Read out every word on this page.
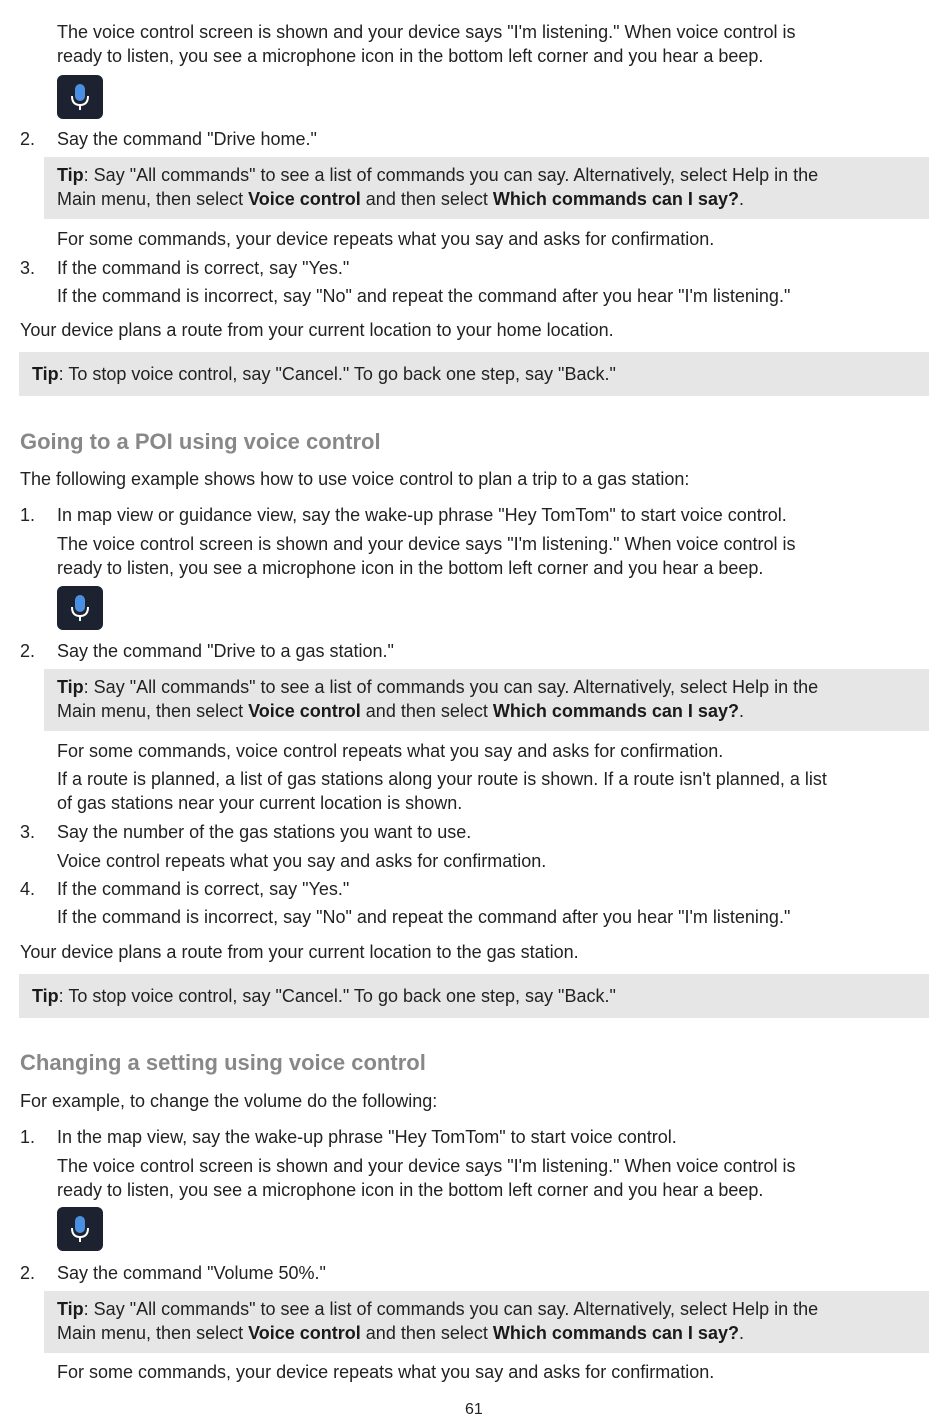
The voice control screen is shown and your device says "I'm listening." When voice control is
ready to listen, you see a microphone icon in the bottom left corner and you hear a beep.
2. Say the command "Drive home."
Tip: Say "All commands" to see a list of commands you can say. Alternatively, select Help in the
Main menu, then select Voice control and then select Which commands can I say?.
For some commands, your device repeats what you say and asks for confirmation.
3. If the command is correct, say "Yes."
If the command is incorrect, say "No" and repeat the command after you hear "I'm listening."
Your device plans a route from your current location to your home location.
Tip: To stop voice control, say "Cancel." To go back one step, say "Back."
Going to a POI using voice control
The following example shows how to use voice control to plan a trip to a gas station:
1. In map view or guidance view, say the wake-up phrase "Hey TomTom" to start voice control.
The voice control screen is shown and your device says "I'm listening." When voice control is
ready to listen, you see a microphone icon in the bottom left corner and you hear a beep.
2. Say the command "Drive to a gas station."
Tip: Say "All commands" to see a list of commands you can say. Alternatively, select Help in the
Main menu, then select Voice control and then select Which commands can I say?.
For some commands, voice control repeats what you say and asks for confirmation.
If a route is planned, a list of gas stations along your route is shown. If a route isn't planned, a list
of gas stations near your current location is shown.
3. Say the number of the gas stations you want to use.
Voice control repeats what you say and asks for confirmation.
4. If the command is correct, say "Yes."
If the command is incorrect, say "No" and repeat the command after you hear "I'm listening."
Your device plans a route from your current location to the gas station.
Tip: To stop voice control, say "Cancel." To go back one step, say "Back."
Changing a setting using voice control
For example, to change the volume do the following:
1. In the map view, say the wake-up phrase "Hey TomTom" to start voice control.
The voice control screen is shown and your device says "I'm listening." When voice control is
ready to listen, you see a microphone icon in the bottom left corner and you hear a beep.
2. Say the command "Volume 50%."
Tip: Say "All commands" to see a list of commands you can say. Alternatively, select Help in the
Main menu, then select Voice control and then select Which commands can I say?.
For some commands, your device repeats what you say and asks for confirmation.
61
